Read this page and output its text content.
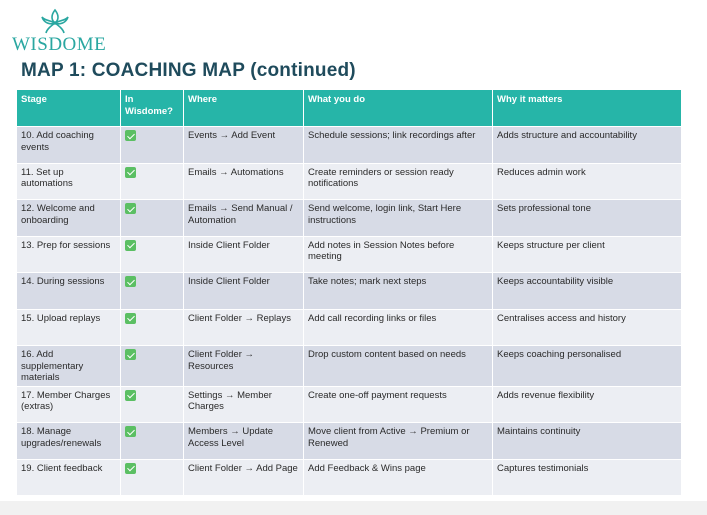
WISDOME
MAP 1: COACHING MAP (continued)
Stage	In Wisdome?	Where	What you do	Why it matters
10. Add coaching events		Events → Add Event	Schedule sessions; link recordings after	Adds structure and accountability
11. Set up automations		Emails → Automations	Create reminders or session ready notifications	Reduces admin work
12. Welcome and onboarding		Emails → Send Manual / Automation	Send welcome, login link, Start Here instructions	Sets professional tone
13. Prep for sessions		Inside Client Folder	Add notes in Session Notes before meeting	Keeps structure per client
14. During sessions		Inside Client Folder	Take notes; mark next steps	Keeps accountability visible
15. Upload replays		Client Folder → Replays	Add call recording links or files	Centralises access and history
16. Add supplementary materials		Client Folder → Resources	Drop custom content based on needs	Keeps coaching personalised
17. Member Charges (extras)		Settings → Member Charges	Create one-off payment requests	Adds revenue flexibility
18. Manage upgrades/renewals		Members → Update Access Level	Move client from Active → Premium or Renewed	Maintains continuity
19. Client feedback		Client Folder → Add Page	Add Feedback & Wins page	Captures testimonials
